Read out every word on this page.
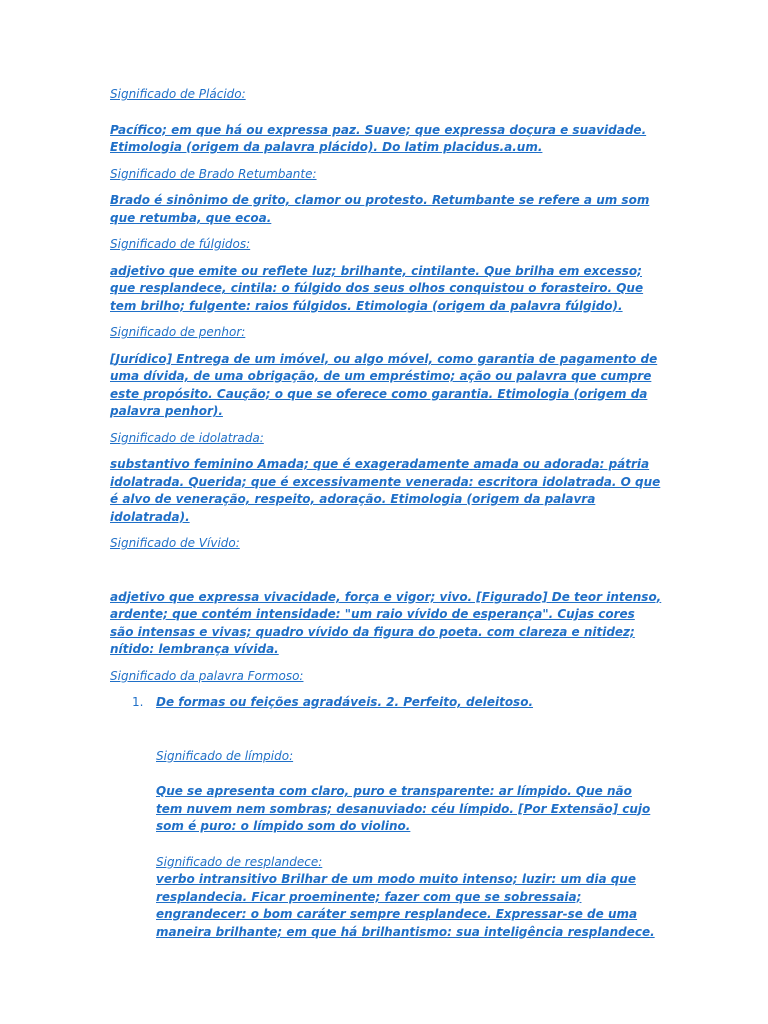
Significado de Plácido:

Pacífico; em que há ou expressa paz. Suave; que expressa doçura e suavidade. Etimologia (origem da palavra plácido). Do latim placidus.a.um.

Significado de Brado Retumbante:

Brado é sinônimo de grito, clamor ou protesto. Retumbante se refere a um som que retumba, que ecoa.

Significado de fúlgidos:

adjetivo que emite ou reflete luz; brilhante, cintilante. Que brilha em excesso; que resplandece, cintila: o fúlgido dos seus olhos conquistou o forasteiro. Que tem brilho; fulgente: raios fúlgidos. Etimologia (origem da palavra fúlgido).

Significado de penhor:

[Jurídico] Entrega de um imóvel, ou algo móvel, como garantia de pagamento de uma dívida, de uma obrigação, de um empréstimo; ação ou palavra que cumpre este propósito. Caução; o que se oferece como garantia. Etimologia (origem da palavra penhor).

Significado de idolatrada:

substantivo feminino Amada; que é exageradamente amada ou adorada: pátria idolatrada. Querida; que é excessivamente venerada: escritora idolatrada. O que é alvo de veneração, respeito, adoração. Etimologia (origem da palavra idolatrada).

Significado de Vívido:

adjetivo que expressa vivacidade, força e vigor; vivo. [Figurado] De teor intenso, ardente; que contém intensidade: "um raio vívido de esperança". Cujas cores são intensas e vivas; quadro vívido da figura do poeta. com clareza e nitidez; nítido: lembrança vívida.

Significado da palavra Formoso:

1. De formas ou feições agradáveis. 2. Perfeito, deleitoso.

Significado de límpido:

Que se apresenta com claro, puro e transparente: ar límpido. Que não tem nuvem nem sombras; desanuviado: céu límpido. [Por Extensão] cujo som é puro: o límpido som do violino.

Significado de resplandece:

verbo intransitivo Brilhar de um modo muito intenso; luzir: um dia que resplandecia. Ficar proeminente; fazer com que se sobressaia; engrandecer: o bom caráter sempre resplandece. Expressar-se de uma maneira brilhante; em que há brilhantismo: sua inteligência resplandece.
